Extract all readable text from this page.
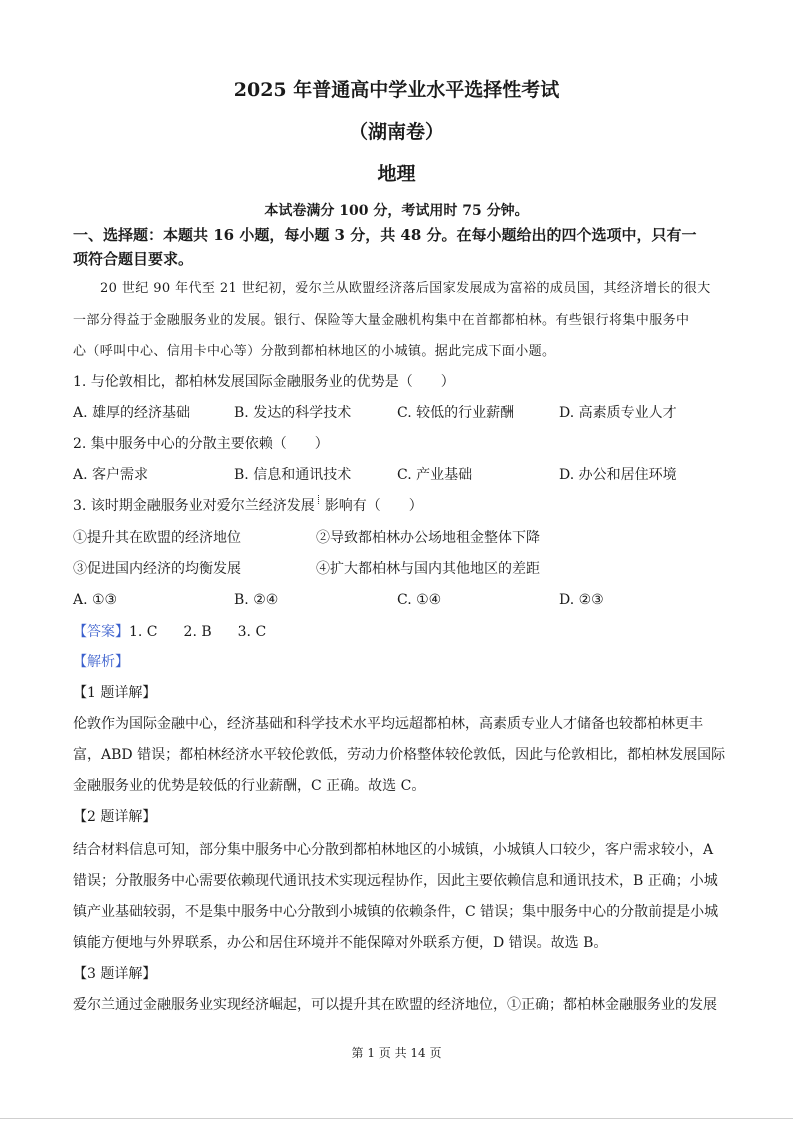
2025 年普通高中学业水平选择性考试
（湖南卷）
地理
本试卷满分 100 分，考试用时 75 分钟。
一、选择题：本题共 16 小题，每小题 3 分，共 48 分。在每小题给出的四个选项中，只有一
项符合题目要求。
20 世纪 90 年代至 21 世纪初，爱尔兰从欧盟经济落后国家发展成为富裕的成员国，其经济增长的很大
一部分得益于金融服务业的发展。银行、保险等大量金融机构集中在首都都柏林。有些银行将集中服务中
心（呼叫中心、信用卡中心等）分散到都柏林地区的小城镇。据此完成下面小题。
1. 与伦敦相比，都柏林发展国际金融服务业的优势是（　　）
A. 雄厚的经济基础	B. 发达的科学技术	C. 较低的行业薪酬	D. 高素质专业人才
2. 集中服务中心的分散主要依赖（　　）
A. 客户需求	B. 信息和通讯技术	C. 产业基础	D. 办公和居住环境
3. 该时期金融服务业对爱尔兰经济发展 影响有（　　）
①提升其在欧盟的经济地位	②导致都柏林办公场地租金整体下降
③促进国内经济的均衡发展	④扩大都柏林与国内其他地区的差距
A. ①③	B. ②④	C. ①④	D. ②③
【答案】1. C 2. B 3. C
【解析】
【1 题详解】
伦敦作为国际金融中心，经济基础和科学技术水平均远超都柏林，高素质专业人才储备也较都柏林更丰
富，ABD 错误；都柏林经济水平较伦敦低，劳动力价格整体较伦敦低，因此与伦敦相比，都柏林发展国际
金融服务业的优势是较低的行业薪酬，C 正确。故选 C。
【2 题详解】
结合材料信息可知，部分集中服务中心分散到都柏林地区的小城镇，小城镇人口较少，客户需求较小，A
错误；分散服务中心需要依赖现代通讯技术实现远程协作，因此主要依赖信息和通讯技术，B 正确；小城
镇产业基础较弱，不是集中服务中心分散到小城镇的依赖条件，C 错误；集中服务中心的分散前提是小城
镇能方便地与外界联系，办公和居住环境并不能保障对外联系方便，D 错误。故选 B。
【3 题详解】
爱尔兰通过金融服务业实现经济崛起，可以提升其在欧盟的经济地位，①正确；都柏林金融服务业的发展
第 1 页 共 14 页
